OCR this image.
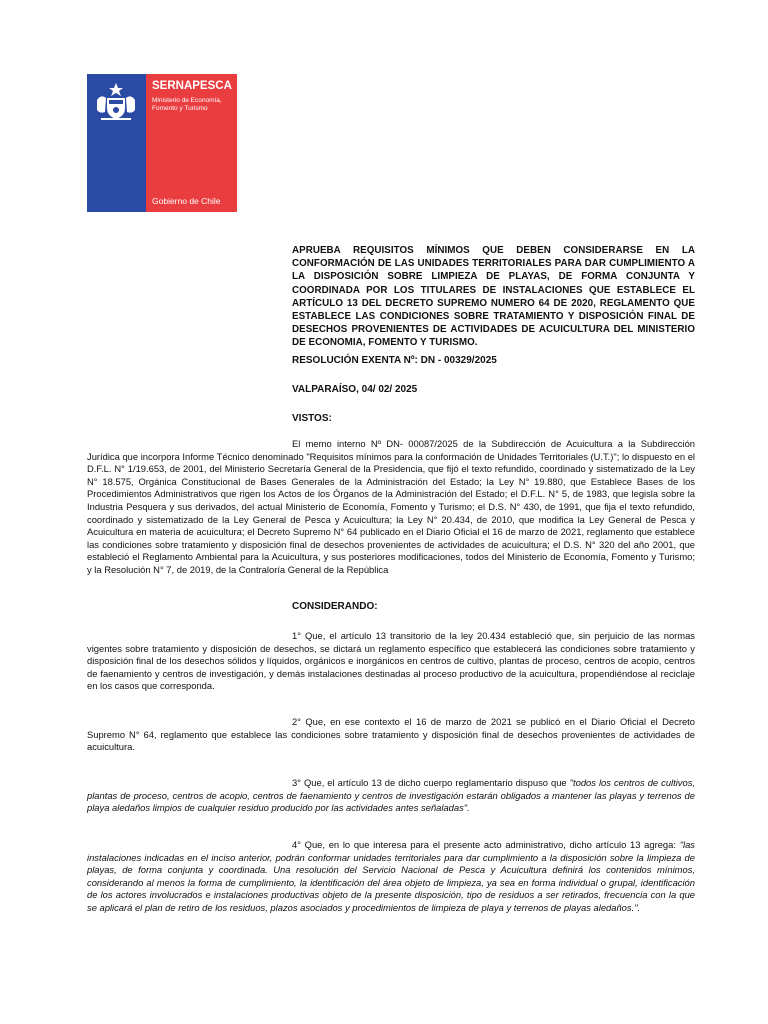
SERNAPESCA
Ministerio de Economía, Fomento y Turismo
Gobierno de Chile
APRUEBA REQUISITOS MÍNIMOS QUE DEBEN CONSIDERARSE EN LA CONFORMACIÓN DE LAS UNIDADES TERRITORIALES PARA DAR CUMPLIMIENTO A LA DISPOSICIÓN SOBRE LIMPIEZA DE PLAYAS, DE FORMA CONJUNTA Y COORDINADA POR LOS TITULARES DE INSTALACIONES QUE ESTABLECE EL ARTÍCULO 13 DEL DECRETO SUPREMO NUMERO 64 DE 2020, REGLAMENTO QUE ESTABLECE LAS CONDICIONES SOBRE TRATAMIENTO Y DISPOSICIÓN FINAL DE DESECHOS PROVENIENTES DE ACTIVIDADES DE ACUICULTURA DEL MINISTERIO DE ECONOMIA, FOMENTO Y TURISMO.
RESOLUCIÓN EXENTA Nº: DN - 00329/2025
VALPARAÍSO, 04/ 02/ 2025
VISTOS:
El memo interno Nº DN- 00087/2025 de la Subdirección de Acuicultura a la Subdirección Jurídica que incorpora Informe Técnico denominado "Requisitos mínimos para la conformación de Unidades Territoriales (U.T.)"; lo dispuesto en el D.F.L. N° 1/19.653, de 2001, del Ministerio Secretaría General de la Presidencia, que fijó el texto refundido, coordinado y sistematizado de la Ley N° 18.575, Orgánica Constitucional de Bases Generales de la Administración del Estado; la Ley N° 19.880, que Establece Bases de los Procedimientos Administrativos que rigen los Actos de los Órganos de la Administración del Estado; el D.F.L. N° 5, de 1983, que legisla sobre la Industria Pesquera y sus derivados, del actual Ministerio de Economía, Fomento y Turismo; el D.S. N° 430, de 1991, que fija el texto refundido, coordinado y sistematizado de la Ley General de Pesca y Acuicultura; la Ley N° 20.434, de 2010, que modifica la Ley General de Pesca y Acuicultura en materia de acuicultura; el Decreto Supremo N° 64 publicado en el Diario Oficial el 16 de marzo de 2021, reglamento que establece las condiciones sobre tratamiento y disposición final de desechos provenientes de actividades de acuicultura; el D.S. N° 320 del año 2001, que estableció el Reglamento Ambiental para la Acuicultura, y sus posteriores modificaciones, todos del Ministerio de Economía, Fomento y Turismo; y la Resolución N° 7, de 2019, de la Contraloría General de la República
CONSIDERANDO:
1° Que, el artículo 13 transitorio de la ley 20.434 estableció que, sin perjuicio de las normas vigentes sobre tratamiento y disposición de desechos, se dictará un reglamento específico que establecerá las condiciones sobre tratamiento y disposición final de los desechos sólidos y líquidos, orgánicos e inorgánicos en centros de cultivo, plantas de proceso, centros de acopio, centros de faenamiento y centros de investigación, y demás instalaciones destinadas al proceso productivo de la acuicultura, propendiéndose al reciclaje en los casos que corresponda.
2° Que, en ese contexto el 16 de marzo de 2021 se publicó en el Diario Oficial el Decreto Supremo N° 64, reglamento que establece las condiciones sobre tratamiento y disposición final de desechos provenientes de actividades de acuicultura.
3° Que, el artículo 13 de dicho cuerpo reglamentario dispuso que "todos los centros de cultivos, plantas de proceso, centros de acopio, centros de faenamiento y centros de investigación estarán obligados a mantener las playas y terrenos de playa aledaños limpios de cualquier residuo producido por las actividades antes señaladas".
4° Que, en lo que interesa para el presente acto administrativo, dicho artículo 13 agrega: "las instalaciones indicadas en el inciso anterior, podrán conformar unidades territoriales para dar cumplimiento a la disposición sobre la limpieza de playas, de forma conjunta y coordinada. Una resolución del Servicio Nacional de Pesca y Acuicultura definirá los contenidos mínimos, considerando al menos la forma de cumplimiento, la identificación del área objeto de limpieza, ya sea en forma individual o grupal, identificación de los actores involucrados e instalaciones productivas objeto de la presente disposición, tipo de residuos a ser retirados, frecuencia con la que se aplicará el plan de retiro de los residuos, plazos asociados y procedimientos de limpieza de playa y terrenos de playas aledaños.".
